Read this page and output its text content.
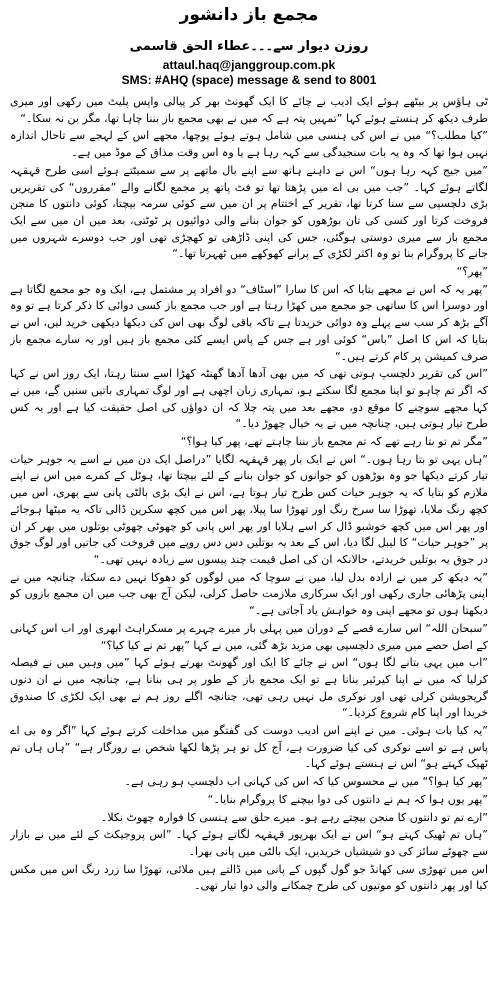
مجمع باز دانشور
روزن دیوار سے۔۔۔عطاء الحق قاسمی
attaul.haq@janggroup.com.pk
SMS: #AHQ (space) message & send to 8001

ٹی ہاؤس پر بیٹھے ہوئے ایک ادیب نے چائے کا ایک گھونٹ بھر کر پیالی واپس پلیٹ میں رکھی اور میری طرف دیکھ کر ہنستے ہوئے کہا ”تمہیں پتہ ہے کہ میں نے بھی مجمع باز بننا چاہا تھا، مگر بن نہ سکا۔“

”کیا مطلب؟“ میں نے اس کی ہنسی میں شامل ہوتے ہوئے پوچھا، مجھے اس کے لہجے سے تاحال اندازہ نہیں ہوا تھا کہ وہ یہ بات سنجیدگی سے کہہ رہا ہے یا وہ اس وقت مذاق کے موڈ میں ہے۔

”میں جیج کہہ رہا ہوں“ اس نے داہنے ہاتھ سے اپنے بال ماتھے پر سے سمیٹتے ہوئے اسی طرح قہقہہ لگاتے ہوئے کہا۔ ”جب میں بی اے میں پڑھتا تھا تو فٹ پاتھ پر مجمع لگانے والے ”مقرروں“ کی تقریریں بڑی دلچسپی سے سنا کرتا تھا، تقریر کے اختتام پر ان میں سے کوئی سرمہ بیچتا، کوئی دانتوں کا منجن فروخت کرتا اور کسی کی تان بوڑھوں کو جوان بنانے والی دوائیوں پر ٹوٹتی، بعد میں ان میں سے ایک مجمع باز سے میری دوستی ہوگئی، جس کی اپنی ڈاڑھی تو کھچڑی تھی اور جب دوسرے شہروں میں جانے کا پروگرام بنا تو وہ اکثر لکڑی کے پرانے کھوکھے میں ٹھہرتا تھا۔“

”پھر؟“

”پھر یہ کہ اس نے مجھے بتایا کہ اس کا سارا ”اسٹاف“ دو افراد پر مشتمل ہے، ایک وہ جو مجمع لگاتا ہے اور دوسرا اس کا ساتھی جو مجمع میں کھڑا رہتا ہے اور جب مجمع باز کسی دوائی کا ذکر کرتا ہے تو وہ آگے بڑھ کر سب سے پہلے وہ دوائی خریدتا ہے تاکہ باقی لوگ بھی اس کی دیکھا دیکھی خرید لیں، اس نے بتایا کہ اس کا اصل ”باس“ کوئی اور ہے جس کے پاس ایسے کئی مجمع باز ہیں اور یہ سارے مجمع باز صرف کمیشن پر کام کرتے ہیں۔“

”اس کی تقریر دلچسپ ہوتی تھی کہ میں بھی آدھا آدھا گھنٹہ کھڑا اسے سنتا رہتا، ایک روز اس نے کہا کہ اگر تم چاہو تو اپنا مجمع لگا سکتے ہو، تمہاری زبان اچھی ہے اور لوگ تمہاری باتیں سنیں گے، میں نے کہا مجھے سوچنے کا موقع دو، مجھے بعد میں پتہ چلا کہ ان دواؤں کی اصل حقیقت کیا ہے اور یہ کس طرح تیار ہوتی ہیں، چنانچہ میں نے یہ خیال چھوڑ دیا۔“

”مگر تم تو بتا رہے تھے کہ تم مجمع باز بننا چاہتے تھے، پھر کیا ہوا؟“

”ہاں یہی تو بتا رہا ہوں۔“ اس نے ایک بار پھر قہقہہ لگایا ”دراصل ایک دن میں نے اسے یہ جوہر حیات تیار کرتے دیکھا جو وہ بوڑھوں کو جوانوں کو جوان بنانے کے لئے بیچتا تھا، ہوٹل کے کمرے میں اس نے اپنے ملازم کو بتایا کہ یہ جوہر حیات کس طرح تیار ہوتا ہے، اس نے ایک بڑی بالٹی پانی سے بھری، اس میں کچھ رنگ ملایا، تھوڑا سا سرخ رنگ اور تھوڑا سا پیلا، پھر اس میں کچھ سکرین ڈالی تاکہ یہ میٹھا ہوجائے اور پھر اس میں کچھ خوشبو ڈال کر اسے ہلایا اور پھر اس پانی کو چھوٹی چھوٹی بوتلوں میں بھر کر ان پر ”جوہر حیات“ کا لیبل لگا دیا، اس کے بعد یہ بوتلیں دس دس روپے میں فروخت کی جاتیں اور لوگ جوق در جوق یہ بوتلیں خریدتے، حالانکہ ان کی اصل قیمت چند پیسوں سے زیادہ نہیں تھی۔“

”یہ دیکھ کر میں نے ارادہ بدل لیا، میں نے سوچا کہ میں لوگوں کو دھوکا نہیں دے سکتا، چنانچہ میں نے اپنی پڑھائی جاری رکھی اور ایک سرکاری ملازمت حاصل کرلی، لیکن آج بھی جب میں ان مجمع بازوں کو دیکھتا ہوں تو مجھے اپنی وہ خواہش یاد آجاتی ہے۔“

”سبحان اللہ“ اس سارے قصے کے دوران میں پہلی بار میرے چہرے پر مسکراہٹ ابھری اور اب اس کہانی کے اصل حصے میں میری دلچسپی بھی مزید بڑھ گئی، میں نے کہا ”پھر تم نے کیا کیا؟“

”اب میں یہی بتانے لگا ہوں“ اس نے چائے کا ایک اور گھونٹ بھرتے ہوئے کہا ”میں وہیں میں نے فیصلہ کرلیا کہ میں نے اپنا کیرئیر بنانا ہے تو ایک مجمع باز کے طور پر ہی بنانا ہے، چنانچہ میں نے ان دنوں گریجویشن کرلی تھی اور نوکری مل نہیں رہی تھی، چنانچہ اگلے روز ہم نے بھی ایک لکڑی کا صندوق خریدا اور اپنا کام شروع کردیا۔“

”یہ کیا بات ہوئی۔ میں نے اپنے اس ادیب دوست کی گفتگو میں مداخلت کرتے ہوئے کہا ”اگر وہ بی اے پاس ہے تو اسے نوکری کی کیا ضرورت ہے، آج کل تو ہر پڑھا لکھا شخص بے روزگار ہے“ ”ہاں ہاں تم ٹھیک کہتے ہو“ اس نے ہنستے ہوئے کہا۔

”پھر کیا ہوا؟“ میں نے محسوس کیا کہ اس کی کہانی اب دلچسپ ہو رہی ہے۔

”پھر یوں ہوا کہ ہم نے دانتوں کی دوا بیچنے کا پروگرام بنایا۔“

”ارے تم تو دانتوں کا منجن بیچتے رہے ہو۔ میرے حلق سے ہنسی کا فوارہ چھوٹ نکلا۔

”ہاں تم ٹھیک کہتے ہو“ اس نے ایک بھرپور قہقہہ لگاتے ہوئے کہا۔ ”اس پروجیکٹ کے لئے میں نے بازار سے چھوٹے سائز کی دو شیشیاں خریدیں، ایک بالٹی میں پانی بھرا۔

اس میں تھوڑی سی کھانڈ جو گول گپوں کے پانی میں ڈالتے ہیں ملائی، تھوڑا سا زرد رنگ اس میں مکس کیا اور پھر دانتوں کو موتیوں کی طرح چمکانے والی دوا تیار تھی۔
